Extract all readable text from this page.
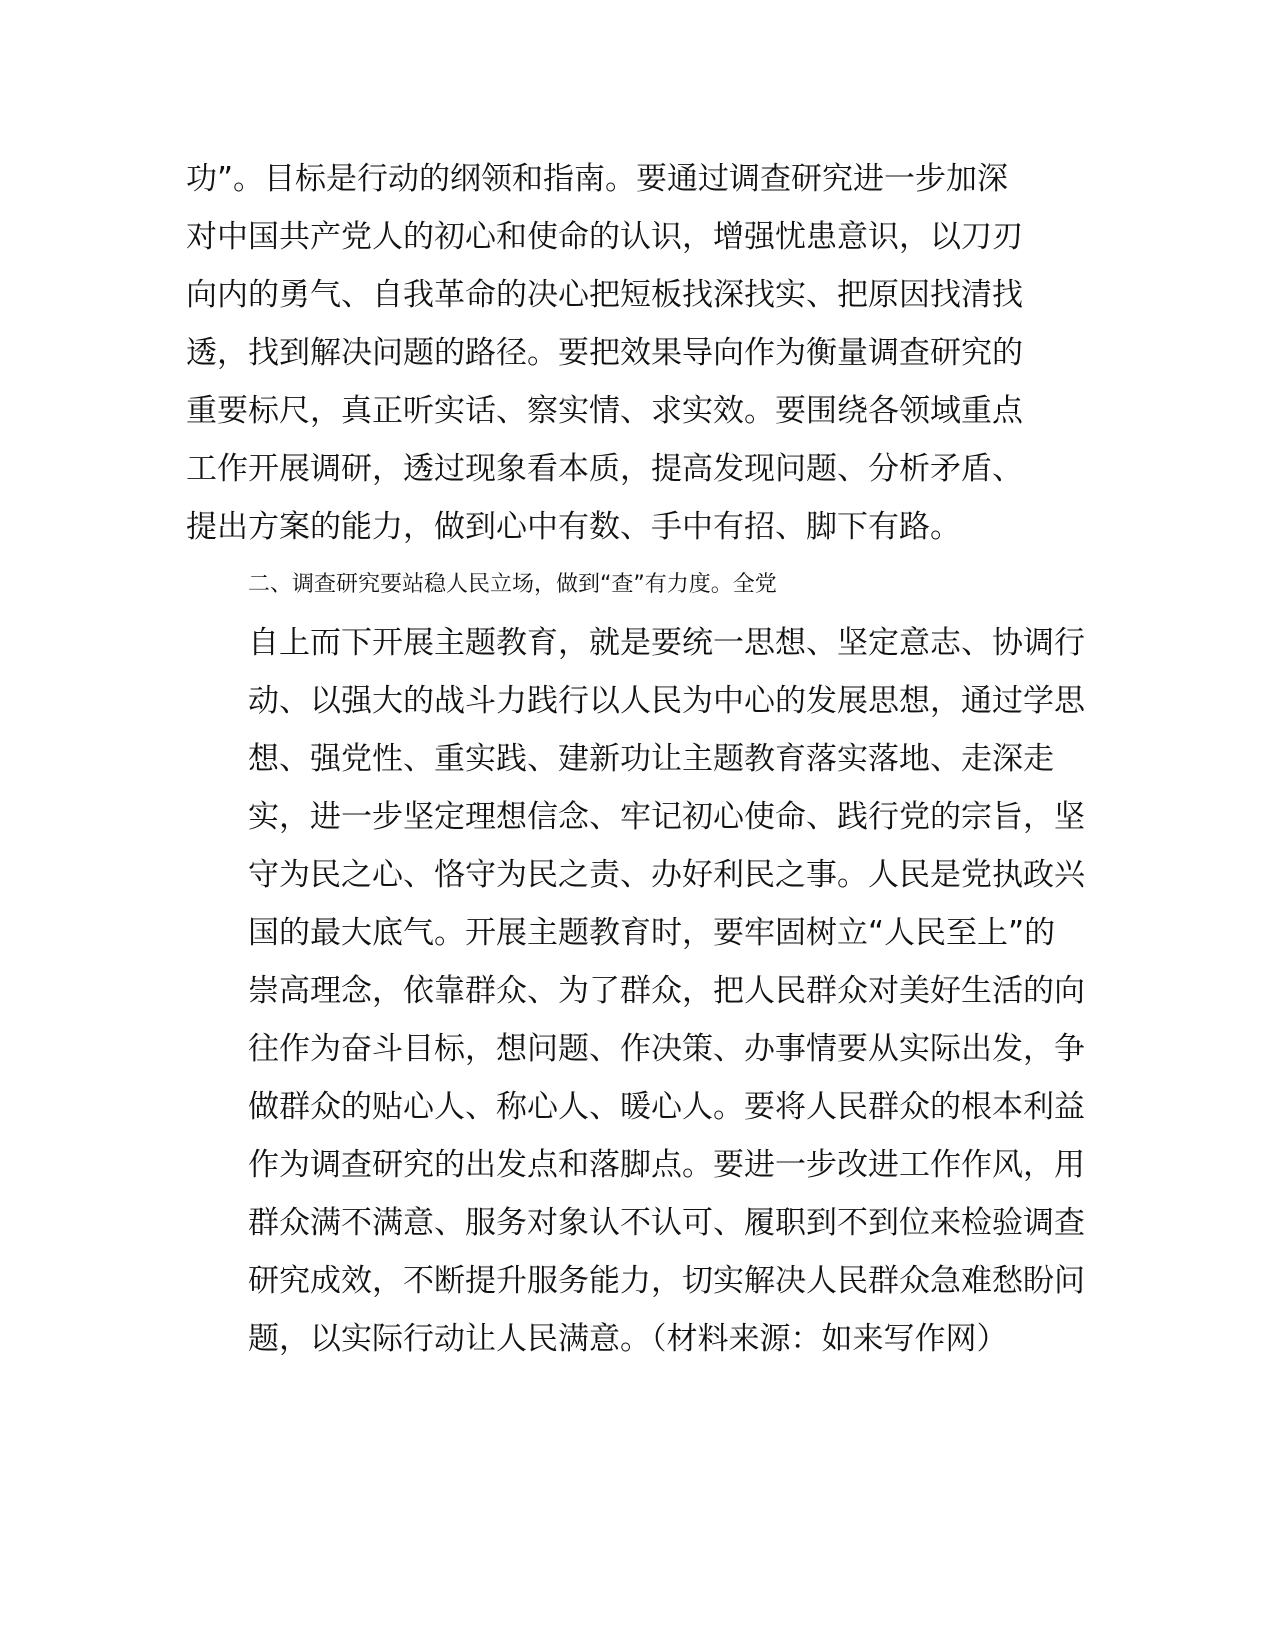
功”。目标是行动的纲领和指南。要通过调查研究进一步加深
对中国共产党人的初心和使命的认识，增强忧患意识，以刀刃
向内的勇气、自我革命的决心把短板找深找实、把原因找清找
透，找到解决问题的路径。要把效果导向作为衡量调查研究的
重要标尺，真正听实话、察实情、求实效。要围绕各领域重点
工作开展调研，透过现象看本质，提高发现问题、分析矛盾、
提出方案的能力，做到心中有数、手中有招、脚下有路。

二、调查研究要站稳人民立场，做到“查”有力度。全党
自上而下开展主题教育，就是要统一思想、坚定意志、协调行
动、以强大的战斗力践行以人民为中心的发展思想，通过学思
想、强党性、重实践、建新功让主题教育落实落地、走深走
实，进一步坚定理想信念、牢记初心使命、践行党的宗旨，坚
守为民之心、恪守为民之责、办好利民之事。人民是党执政兴
国的最大底气。开展主题教育时，要牢固树立“人民至上”的
崇高理念，依靠群众、为了群众，把人民群众对美好生活的向
往作为奋斗目标，想问题、作决策、办事情要从实际出发，争
做群众的贴心人、称心人、暖心人。要将人民群众的根本利益
作为调查研究的出发点和落脚点。要进一步改进工作作风，用
群众满不满意、服务对象认不认可、履职到不到位来检验调查
研究成效，不断提升服务能力，切实解决人民群众急难愁盼问
题，以实际行动让人民满意。（材料来源：如来写作网）
